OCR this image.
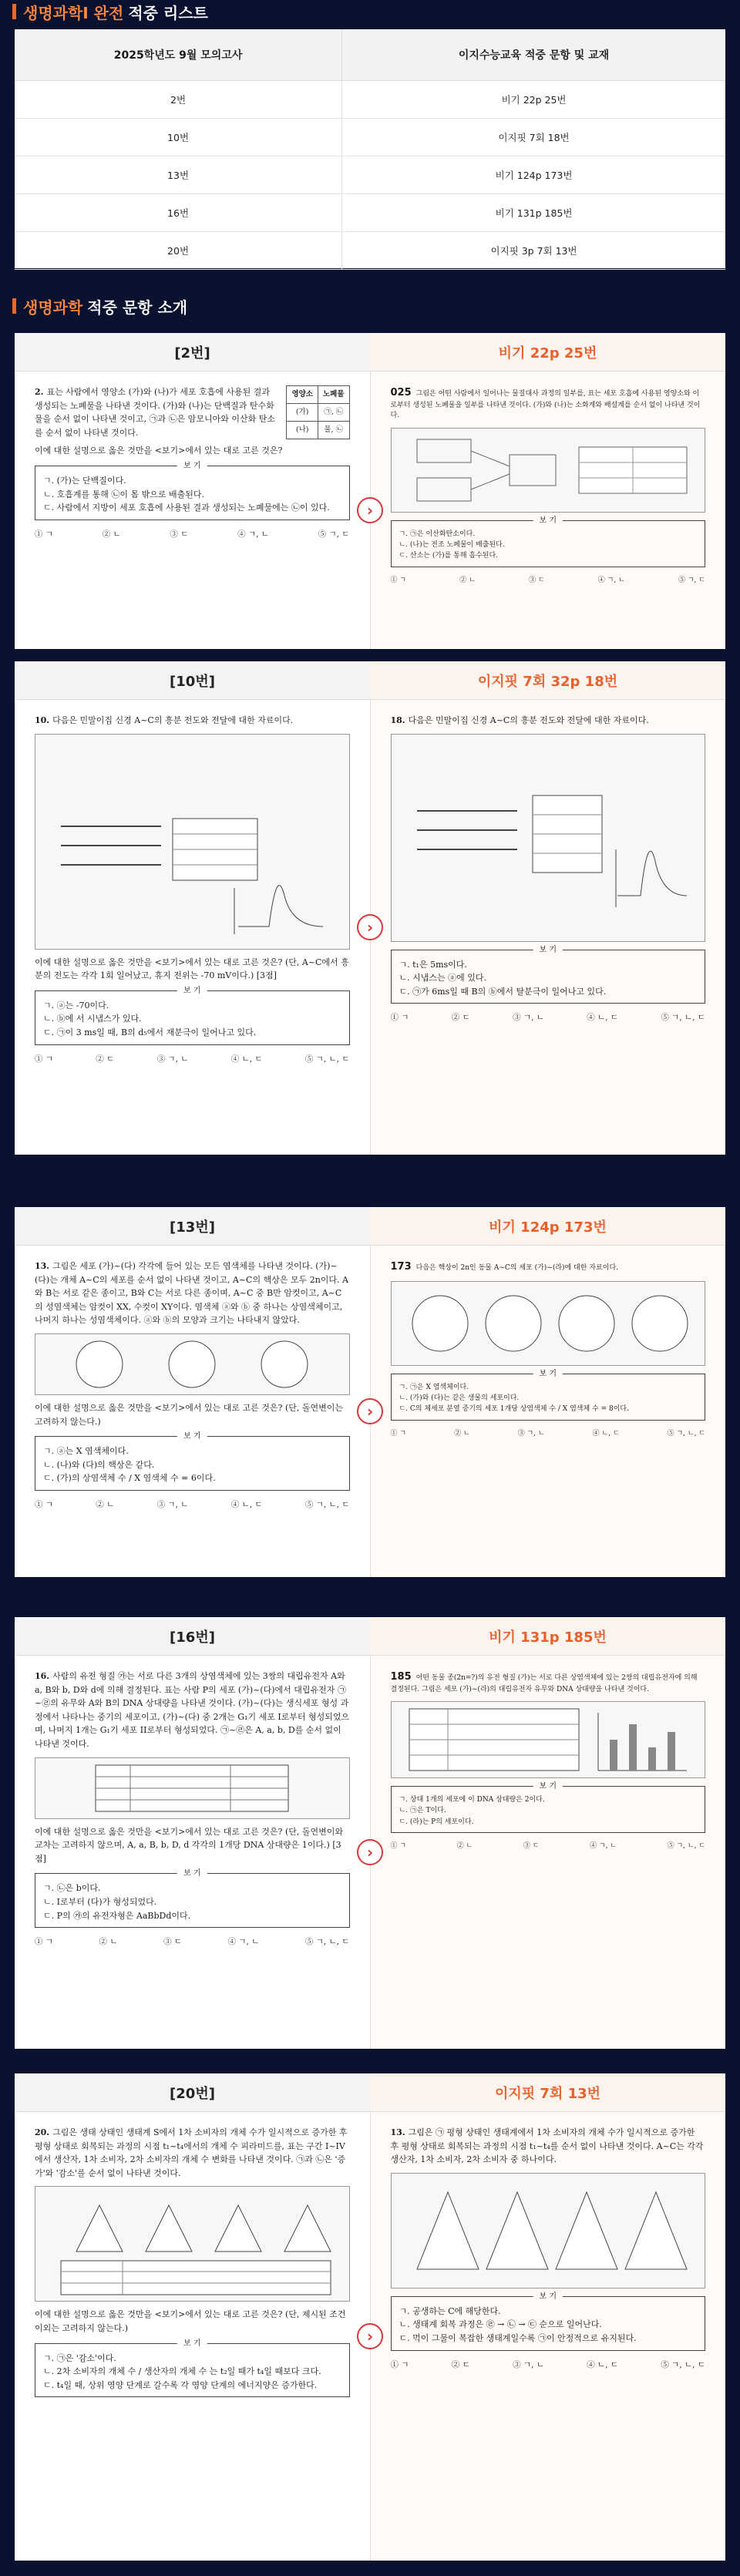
생명과학I 완전 적중 리스트
2025학년도 9월 모의고사	이지수능교육 적중 문항 및 교재
2번	비기 22p 25번
10번	이지핏 7회 18번
13번	비기 124p 173번
16번	비기 131p 185번
20번	이지핏 3p 7회 13번
생명과학 적중 문항 소개
[2번]	비기 22p 25번
2. 표는 사람에서 영양소 (가)와 (나)가 세포 호흡에 사용된 결과 생성되는 노폐물을 나타낸 것이다. (가)와 (나)는 단백질과 탄수화물을 순서 없이 나타낸 것이고, ㉠과 ㉡은 암모니아와 이산화 탄소를 순서 없이 나타낸 것이다.
영양소	노폐물
(가)	㉠, ㉡
(나)	물, ㉡
이에 대한 설명으로 옳은 것만을 <보기>에서 있는 대로 고른 것은?
보 기
ㄱ. (가)는 단백질이다.
ㄴ. 호흡계를 통해 ㉡이 몸 밖으로 배출된다.
ㄷ. 사람에서 지방이 세포 호흡에 사용된 결과 생성되는 노폐물에는 ㉡이 있다.
① ㄱ	② ㄴ	③ ㄷ	④ ㄱ, ㄴ	⑤ ㄱ, ㄷ
025 그림은 어떤 사람에서 일어나는 물질대사 과정의 일부를, 표는 세포 호흡에 사용된 영양소와 이로부터 생성된 노폐물을 일부를 나타낸 것이다. (가)와 (나)는 소화계와 배설계를 순서 없이 나타낸 것이다.
보 기
ㄱ. ㉠은 이산화탄소이다.
ㄴ. (나)는 전조 노폐물이 배출된다.
ㄷ. 산소는 (가)를 통해 흡수된다.
① ㄱ	② ㄴ	③ ㄷ	④ ㄱ, ㄴ	⑤ ㄱ, ㄷ
›
[10번]	이지핏 7회 32p 18번
10. 다음은 민말이집 신경 A~C의 흥분 전도와 전달에 대한 자료이다.
이에 대한 설명으로 옳은 것만을 <보기>에서 있는 대로 고른 것은? (단, A~C에서 흥분의 전도는 각각 1회 일어났고, 휴지 전위는 -70 mV이다.) [3점]
보 기
ㄱ. ⓐ는 -70이다.
ㄴ. ⓑ에 서 시냅스가 있다.
ㄷ. ㉠이 3 ms일 때, B의 d₅에서 재분극이 일어나고 있다.
① ㄱ	② ㄷ	③ ㄱ, ㄴ	④ ㄴ, ㄷ	⑤ ㄱ, ㄴ, ㄷ
18. 다음은 민말이집 신경 A~C의 흥분 전도와 전달에 대한 자료이다.
보 기
ㄱ. t₁은 5ms이다.
ㄴ. 시냅스는 ⓐ에 있다.
ㄷ. ㉠가 6ms일 때 B의 ⓑ에서 탈분극이 일어나고 있다.
① ㄱ	② ㄷ	③ ㄱ, ㄴ	④ ㄴ, ㄷ	⑤ ㄱ, ㄴ, ㄷ
›
[13번]	비기 124p 173번
13. 그림은 세포 (가)~(다) 각각에 들어 있는 모든 염색체를 나타낸 것이다. (가)~(다)는 개체 A~C의 세포를 순서 없이 나타낸 것이고, A~C의 핵상은 모두 2n이다. A와 B는 서로 같은 종이고, B와 C는 서로 다른 종이며, A~C 중 B만 암컷이고, A~C의 성염색체는 암컷이 XX, 수컷이 XY이다. 염색체 ⓐ와 ⓑ 중 하나는 상염색체이고, 나머지 하나는 성염색체이다. ⓐ와 ⓑ의 모양과 크기는 나타내지 않았다.
이에 대한 설명으로 옳은 것만을 <보기>에서 있는 대로 고른 것은? (단, 돌연변이는 고려하지 않는다.)
보 기
ㄱ. ⓐ는 X 염색체이다.
ㄴ. (나)와 (다)의 핵상은 같다.
ㄷ. (가)의 상염색체 수 / X 염색체 수 = 6이다.
① ㄱ	② ㄴ	③ ㄱ, ㄴ	④ ㄴ, ㄷ	⑤ ㄱ, ㄴ, ㄷ
173 다음은 핵상이 2n인 동물 A~C의 세포 (가)~(라)에 대한 자료이다.
보 기
ㄱ. ㉠은 X 염색체이다.
ㄴ. (가)와 (다)는 같은 생물의 세포이다.
ㄷ. C의 체세포 분열 중기의 세포 1개당 상염색체 수 / X 염색체 수 = 8이다.
① ㄱ	② ㄴ	③ ㄱ, ㄴ	④ ㄴ, ㄷ	⑤ ㄱ, ㄴ, ㄷ
›
[16번]	비기 131p 185번
16. 사람의 유전 형질 ㉮는 서로 다른 3개의 상염색체에 있는 3쌍의 대립유전자 A와 a, B와 b, D와 d에 의해 결정된다. 표는 사람 P의 세포 (가)~(다)에서 대립유전자 ㉠~㉣의 유무와 A와 B의 DNA 상대량을 나타낸 것이다. (가)~(다)는 생식세포 형성 과정에서 나타나는 중기의 세포이고, (가)~(다) 중 2개는 G₁기 세포 I로부터 형성되었으며, 나머지 1개는 G₁기 세포 II로부터 형성되었다. ㉠~㉣은 A, a, b, D를 순서 없이 나타낸 것이다.
이에 대한 설명으로 옳은 것만을 <보기>에서 있는 대로 고른 것은? (단, 돌연변이와 교차는 고려하지 않으며, A, a, B, b, D, d 각각의 1개당 DNA 상대량은 1이다.) [3점]
보 기
ㄱ. ㉡은 b이다.
ㄴ. I로부터 (다)가 형성되었다.
ㄷ. P의 ㉮의 유전자형은 AaBbDd이다.
① ㄱ	② ㄴ	③ ㄷ	④ ㄱ, ㄴ	⑤ ㄱ, ㄴ, ㄷ
185 어떤 동물 종(2n=?)의 유전 형질 (가)는 서로 다른 상염색체에 있는 2쌍의 대립유전자에 의해 결정된다. 그림은 세포 (가)~(라)의 대립유전자 유무와 DNA 상대량을 나타낸 것이다.
보 기
ㄱ. 상대 1개의 세포에 이 DNA 상대량은 2이다.
ㄴ. ㉠은 T이다.
ㄷ. (라)는 P의 세포이다.
① ㄱ	② ㄴ	③ ㄷ	④ ㄱ, ㄴ	⑤ ㄱ, ㄴ, ㄷ
›
[20번]	이지핏 7회 13번
20. 그림은 생태 상태인 생태계 S에서 1차 소비자의 개체 수가 일시적으로 증가한 후 평형 상태로 회복되는 과정의 시점 t₁~t₄에서의 개체 수 피라미드를, 표는 구간 I~IV에서 생산자, 1차 소비자, 2차 소비자의 개체 수 변화를 나타낸 것이다. ㉠과 ㉡은 '증가'와 '감소'를 순서 없이 나타낸 것이다.
이에 대한 설명으로 옳은 것만을 <보기>에서 있는 대로 고른 것은? (단, 제시된 조건 이외는 고려하지 않는다.)
보 기
ㄱ. ㉠은 '감소'이다.
ㄴ. 2차 소비자의 개체 수 / 생산자의 개체 수 는 t₂일 때가 t₄일 때보다 크다.
ㄷ. t₄일 때, 상위 영양 단계로 갈수록 각 영양 단계의 에너지양은 증가한다.
13. 그림은 ㉠ 평형 상태인 생태계에서 1차 소비자의 개체 수가 일시적으로 증가한 후 평형 상태로 회복되는 과정의 시점 t₁~t₄를 순서 없이 나타낸 것이다. A~C는 각각 생산자, 1차 소비자, 2차 소비자 중 하나이다.
보 기
ㄱ. 공생하는 C에 해당한다.
ㄴ. 생태계 회복 과정은 ㉣ → ㉡ → ㉢ 순으로 일어난다.
ㄷ. 먹이 그물이 복잡한 생태계일수록 ㉠이 안정적으로 유지된다.
① ㄱ	② ㄷ	③ ㄱ, ㄴ	④ ㄴ, ㄷ	⑤ ㄱ, ㄴ, ㄷ
›
